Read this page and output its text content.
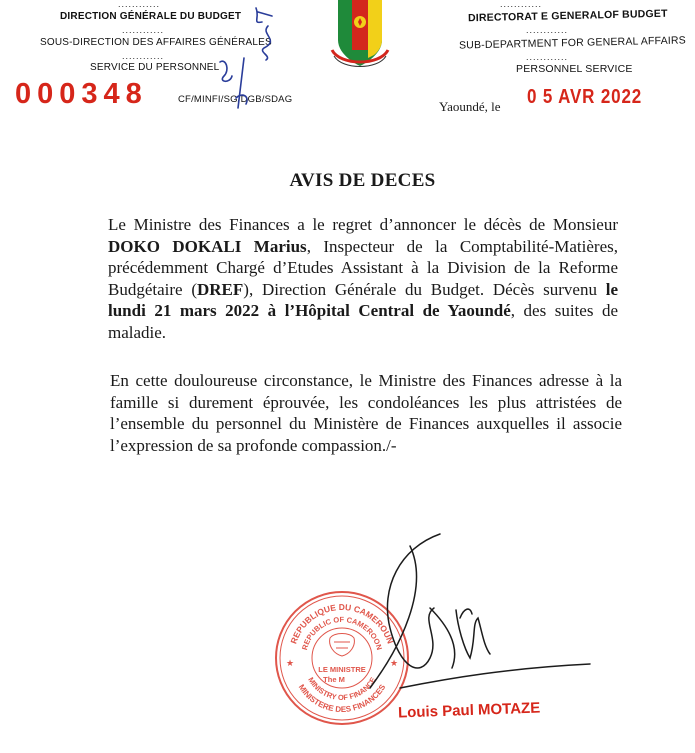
............
DIRECTION GÉNÉRALE DU BUDGET
............
SOUS-DIRECTION DES AFFAIRES GÉNÉRALES
............
SERVICE DU PERSONNEL
000348	CF/MINFI/SG/DGB/SDAG
............
DIRECTORAT E GENERALOF BUDGET
............
SUB-DEPARTMENT FOR GENERAL AFFAIRS
............
PERSONNEL SERVICE
Yaoundé, le 0 5 AVR 2022
AVIS DE DECES
Le Ministre des Finances a le regret d’annoncer le décès de Monsieur DOKO DOKALI Marius, Inspecteur de la Comptabilité-Matières, précédemment Chargé d’Etudes Assistant à la Division de la Reforme Budgétaire (DREF), Direction Générale du Budget. Décès survenu le lundi 21 mars 2022 à l’Hôpital Central de Yaoundé, des suites de maladie.
En cette douloureuse circonstance, le Ministre des Finances adresse à la famille si durement éprouvée, les condoléances les plus attristées de l’ensemble du personnel du Ministère de Finances auxquelles il associe l’expression de sa profonde compassion./-
REPUBLIQUE DU CAMEROUN
REPUBLIC OF CAMEROON
MINISTERE DES FINANCES
MINISTRY OF FINANCE
LE MINISTRE
The M
★	★
Louis Paul MOTAZE
